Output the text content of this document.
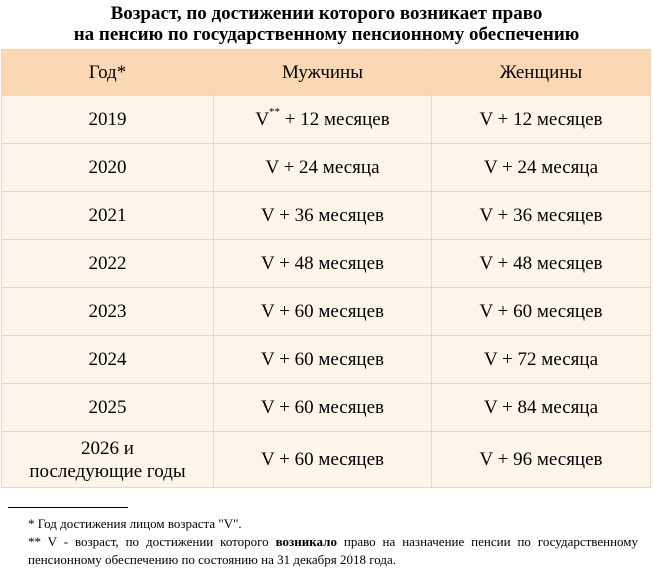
Возраст, по достижении которого возникает право
на пенсию по государственному пенсионному обеспечению
Год*	Мужчины	Женщины
2019	V** + 12 месяцев	V + 12 месяцев
2020	V + 24 месяца	V + 24 месяца
2021	V + 36 месяцев	V + 36 месяцев
2022	V + 48 месяцев	V + 48 месяцев
2023	V + 60 месяцев	V + 60 месяцев
2024	V + 60 месяцев	V + 72 месяца
2025	V + 60 месяцев	V + 84 месяца

2026 и
последующие годы	V + 60 месяцев	V + 96 месяцев
* Год достижения лицом возраста "V".
** V - возраст, по достижении которого возникало право на назначение пенсии по государственному пенсионному обеспечению по состоянию на 31 декабря 2018 года.
